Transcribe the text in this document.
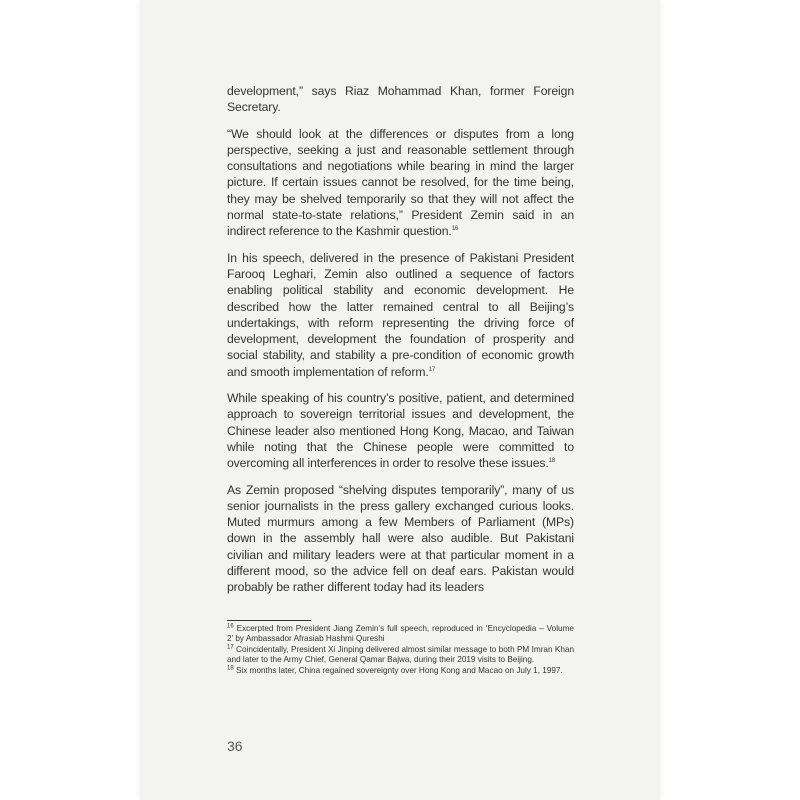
development,” says Riaz Mohammad Khan, former Foreign Secretary.

“We should look at the differences or disputes from a long perspective, seeking a just and reasonable settlement through consultations and negotiations while bearing in mind the larger picture. If certain issues cannot be resolved, for the time being, they may be shelved temporarily so that they will not affect the normal state-to-state relations,” President Zemin said in an indirect reference to the Kashmir question.$^{16}$

In his speech, delivered in the presence of Pakistani President Farooq Leghari, Zemin also outlined a sequence of factors enabling political stability and economic development. He described how the latter remained central to all Beijing’s undertakings, with reform representing the driving force of development, development the foundation of prosperity and social stability, and stability a pre-condition of economic growth and smooth implementation of reform.$^{17}$

While speaking of his country’s positive, patient, and determined approach to sovereign territorial issues and development, the Chinese leader also mentioned Hong Kong, Macao, and Taiwan while noting that the Chinese people were committed to overcoming all interferences in order to resolve these issues.$^{18}$

As Zemin proposed “shelving disputes temporarily”, many of us senior journalists in the press gallery exchanged curious looks. Muted murmurs among a few Members of Parliament (MPs) down in the assembly hall were also audible. But Pakistani civilian and military leaders were at that particular moment in a different mood, so the advice fell on deaf ears. Pakistan would probably be rather different today had its leaders

$^{16}$ Excerpted from President Jiang Zemin’s full speech, reproduced in ‘Encyclopedia – Volume 2’ by Ambassador Afrasiab Hashmi Qureshi

$^{17}$ Coincidentally, President Xi Jinping delivered almost similar message to both PM Imran Khan and later to the Army Chief, General Qamar Bajwa, during their 2019 visits to Beijing.

$^{18}$ Six months later, China regained sovereignty over Hong Kong and Macao on July 1, 1997.

36
